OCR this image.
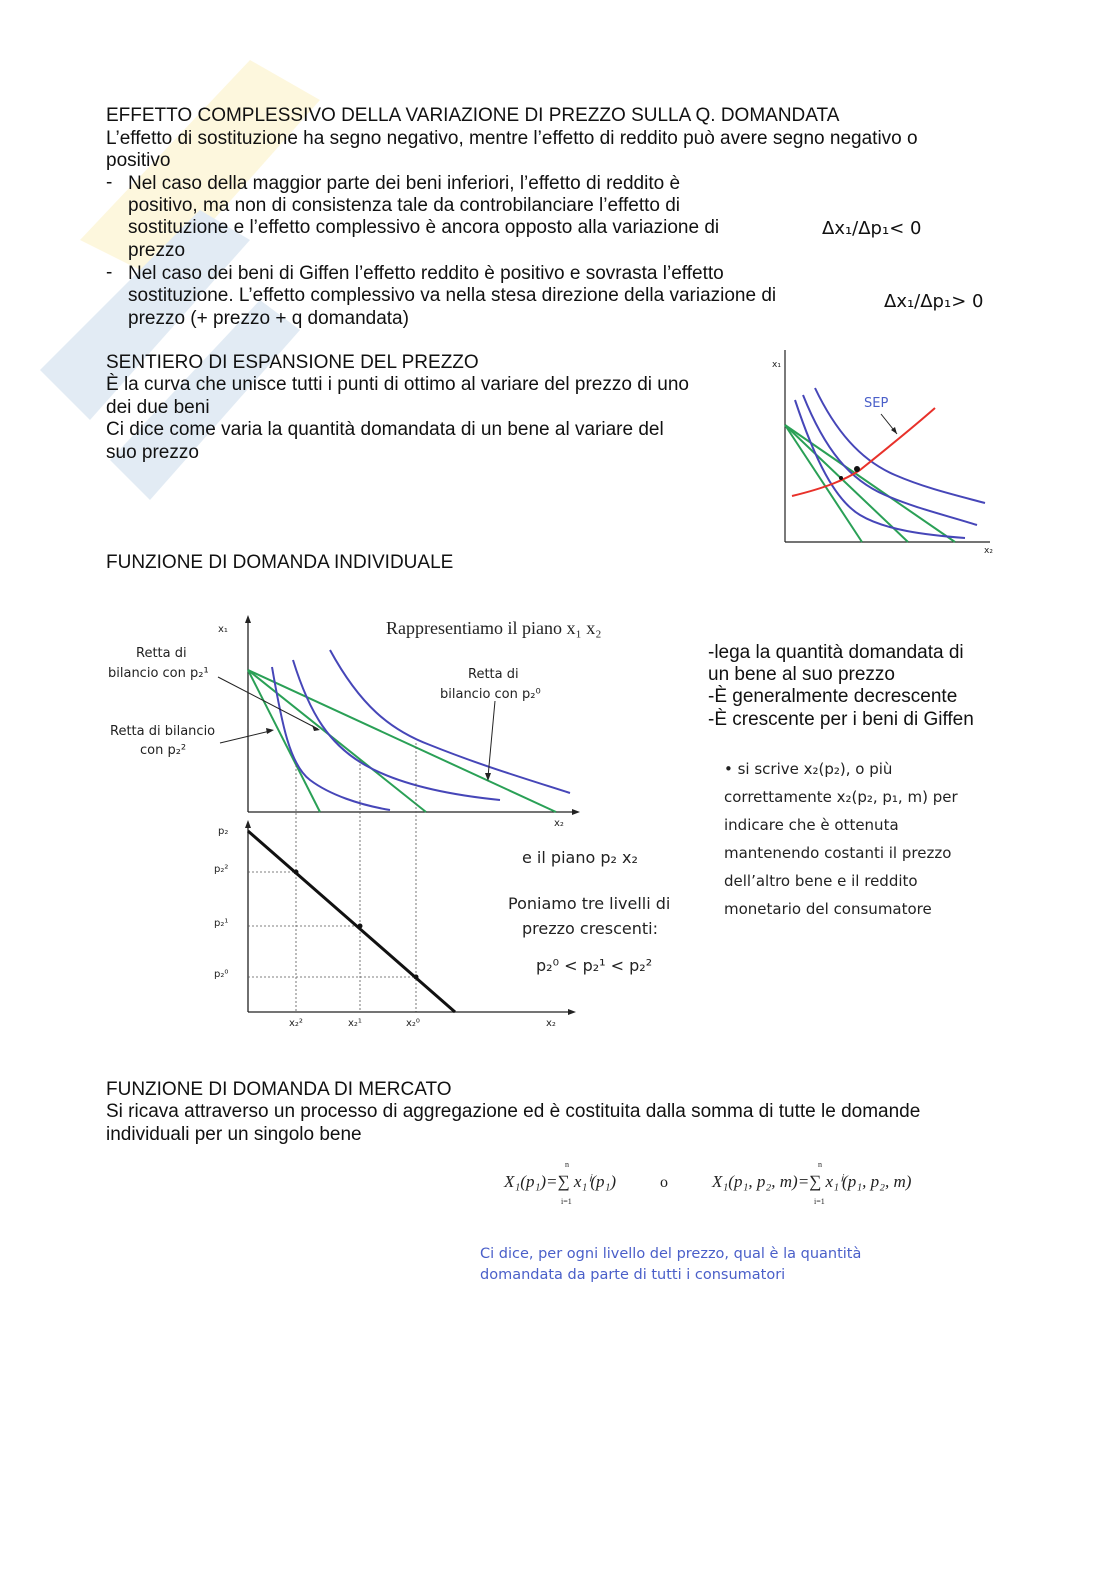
EFFETTO COMPLESSIVO DELLA VARIAZIONE DI PREZZO SULLA Q. DOMANDATA
L’effetto di sostituzione ha segno negativo, mentre l’effetto di reddito può avere segno negativo o
positivo
- Nel caso della maggior parte dei beni inferiori, l’effetto di reddito è
positivo, ma non di consistenza tale da controbilanciare l’effetto di
sostituzione e l’effetto complessivo è ancora opposto alla variazione di
prezzo
Δx₁/Δp₁< 0
- Nel caso dei beni di Giffen l’effetto reddito è positivo e sovrasta l’effetto
sostituzione. L’effetto complessivo va nella stesa direzione della variazione di
prezzo (+ prezzo + q domandata)
Δx₁/Δp₁> 0
SENTIERO DI ESPANSIONE DEL PREZZO
È la curva che unisce tutti i punti di ottimo al variare del prezzo di uno
dei due beni
Ci dice come varia la quantità domandata di un bene al variare del
suo prezzo
SEP
x₁
x₂
FUNZIONE DI DOMANDA INDIVIDUALE
Rappresentiamo il piano x₁ x₂
Retta di
bilancio con p₂¹
Retta di bilancio
con p₂²
Retta di
bilancio con p₂⁰
x₁
x₂
p₂
p₂²
p₂¹
p₂⁰
x₂²	x₂¹	x₂⁰	x₂
e il piano p₂ x₂
Poniamo tre livelli di
prezzo crescenti:
p₂⁰ < p₂¹ < p₂²
-lega la quantità domandata di
un bene al suo prezzo
-È generalmente decrescente
-È crescente per i beni di Giffen
• si scrive x₂(p₂), o più
correttamente x₂(p₂, p₁, m) per
indicare che è ottenuta
mantenendo costanti il prezzo
dell’altro bene e il reddito
monetario del consumatore
FUNZIONE DI DOMANDA DI MERCATO
Si ricava attraverso un processo di aggregazione ed è costituita dalla somma di tutte le domande
individuali per un singolo bene
X₁(p₁)=∑ x₁ⁱ(p₁)
n
i=1
o	X₁(p₁, p₂, m)=∑ x₁ⁱ(p₁, p₂, m)
n
i=1
Ci dice, per ogni livello del prezzo, qual è la quantità
domandata da parte di tutti i consumatori
